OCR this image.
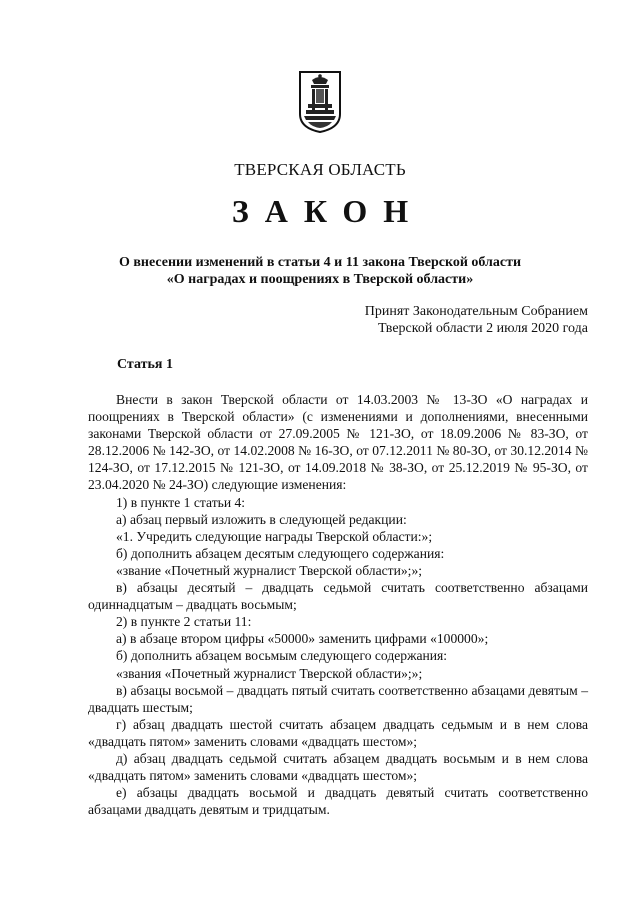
ТВЕРСКАЯ ОБЛАСТЬ
ЗАКОН
О внесении изменений в статьи 4 и 11 закона Тверской области
«О наградах и поощрениях в Тверской области»
Принят Законодательным Собранием
Тверской области 2 июля 2020 года
Статья 1

Внести в закон Тверской области от 14.03.2003 № 13-ЗО «О наградах и поощрениях в Тверской области» (с изменениями и дополнениями, внесенными законами Тверской области от 27.09.2005 № 121-ЗО, от 18.09.2006 № 83-ЗО, от 28.12.2006 № 142-ЗО, от 14.02.2008 № 16-ЗО, от 07.12.2011 № 80-ЗО, от 30.12.2014 № 124-ЗО, от 17.12.2015 № 121-ЗО, от 14.09.2018 № 38-ЗО, от 25.12.2019 № 95-ЗО, от 23.04.2020 № 24-ЗО) следующие изменения:

1) в пункте 1 статьи 4:

а) абзац первый изложить в следующей редакции:

«1. Учредить следующие награды Тверской области:»;

б) дополнить абзацем десятым следующего содержания:

«звание «Почетный журналист Тверской области»;»;

в) абзацы десятый – двадцать седьмой считать соответственно абзацами одиннадцатым – двадцать восьмым;

2) в пункте 2 статьи 11:

а) в абзаце втором цифры «50000» заменить цифрами «100000»;

б) дополнить абзацем восьмым следующего содержания:

«звания «Почетный журналист Тверской области»;»;

в) абзацы восьмой – двадцать пятый считать соответственно абзацами девятым – двадцать шестым;

г) абзац двадцать шестой считать абзацем двадцать седьмым и в нем слова «двадцать пятом» заменить словами «двадцать шестом»;

д) абзац двадцать седьмой считать абзацем двадцать восьмым и в нем слова «двадцать пятом» заменить словами «двадцать шестом»;

е) абзацы двадцать восьмой и двадцать девятый считать соответственно абзацами двадцать девятым и тридцатым.
